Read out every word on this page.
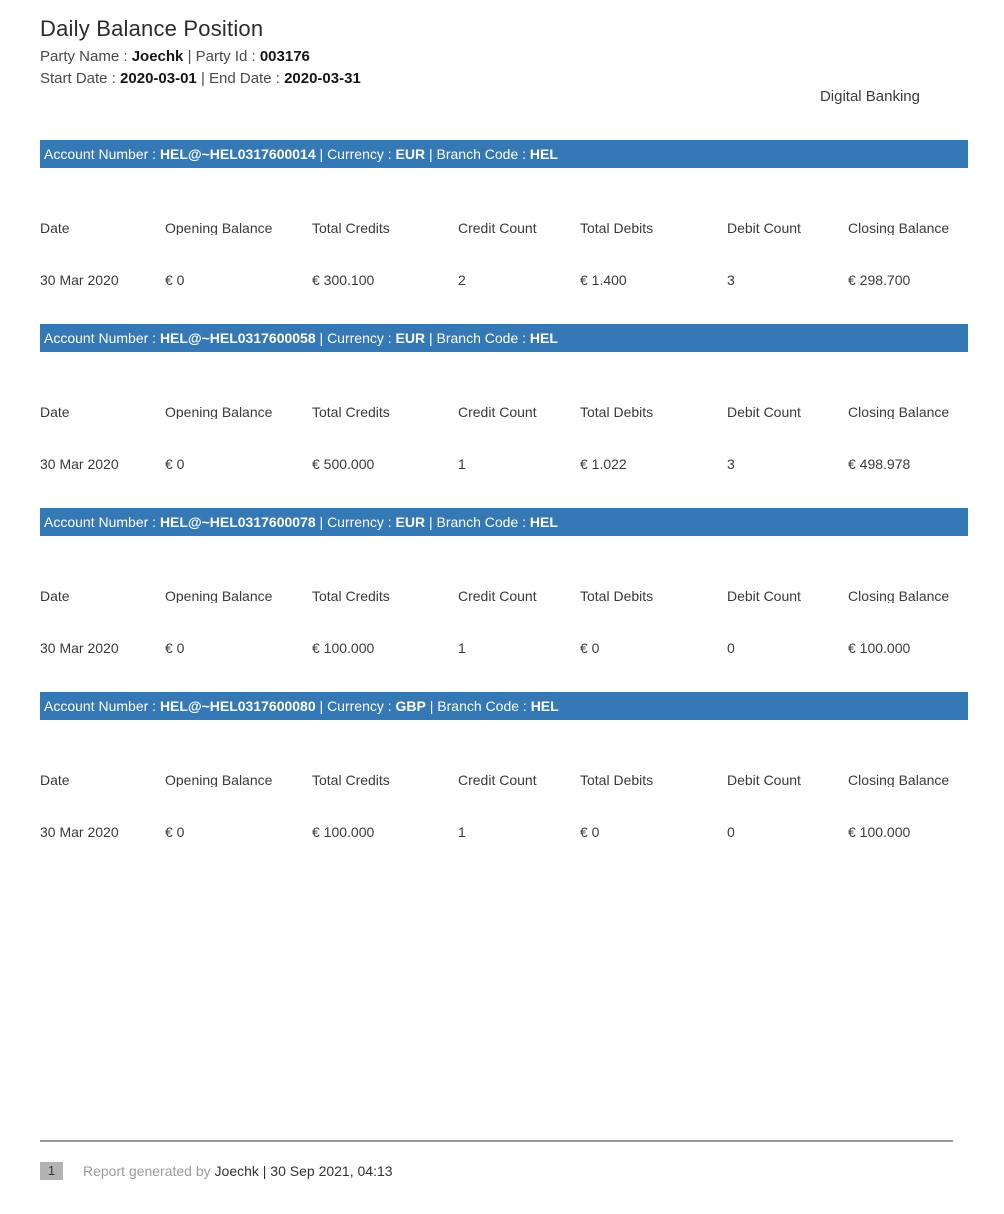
Daily Balance Position
Party Name : Joechk | Party Id : 003176
Start Date : 2020-03-01 | End Date : 2020-03-31
Digital Banking
Account Number : HEL@~HEL0317600014 | Currency : EUR | Branch Code : HEL
Date	Opening Balance	Total Credits	Credit Count	Total Debits	Debit Count	Closing Balance
30 Mar 2020	€ 0	€ 300.100	2	€ 1.400	3	€ 298.700
Account Number : HEL@~HEL0317600058 | Currency : EUR | Branch Code : HEL
Date	Opening Balance	Total Credits	Credit Count	Total Debits	Debit Count	Closing Balance
30 Mar 2020	€ 0	€ 500.000	1	€ 1.022	3	€ 498.978
Account Number : HEL@~HEL0317600078 | Currency : EUR | Branch Code : HEL
Date	Opening Balance	Total Credits	Credit Count	Total Debits	Debit Count	Closing Balance
30 Mar 2020	€ 0	€ 100.000	1	€ 0	0	€ 100.000
Account Number : HEL@~HEL0317600080 | Currency : GBP | Branch Code : HEL
Date	Opening Balance	Total Credits	Credit Count	Total Debits	Debit Count	Closing Balance
30 Mar 2020	€ 0	€ 100.000	1	€ 0	0	€ 100.000
1	Report generated by Joechk | 30 Sep 2021, 04:13
